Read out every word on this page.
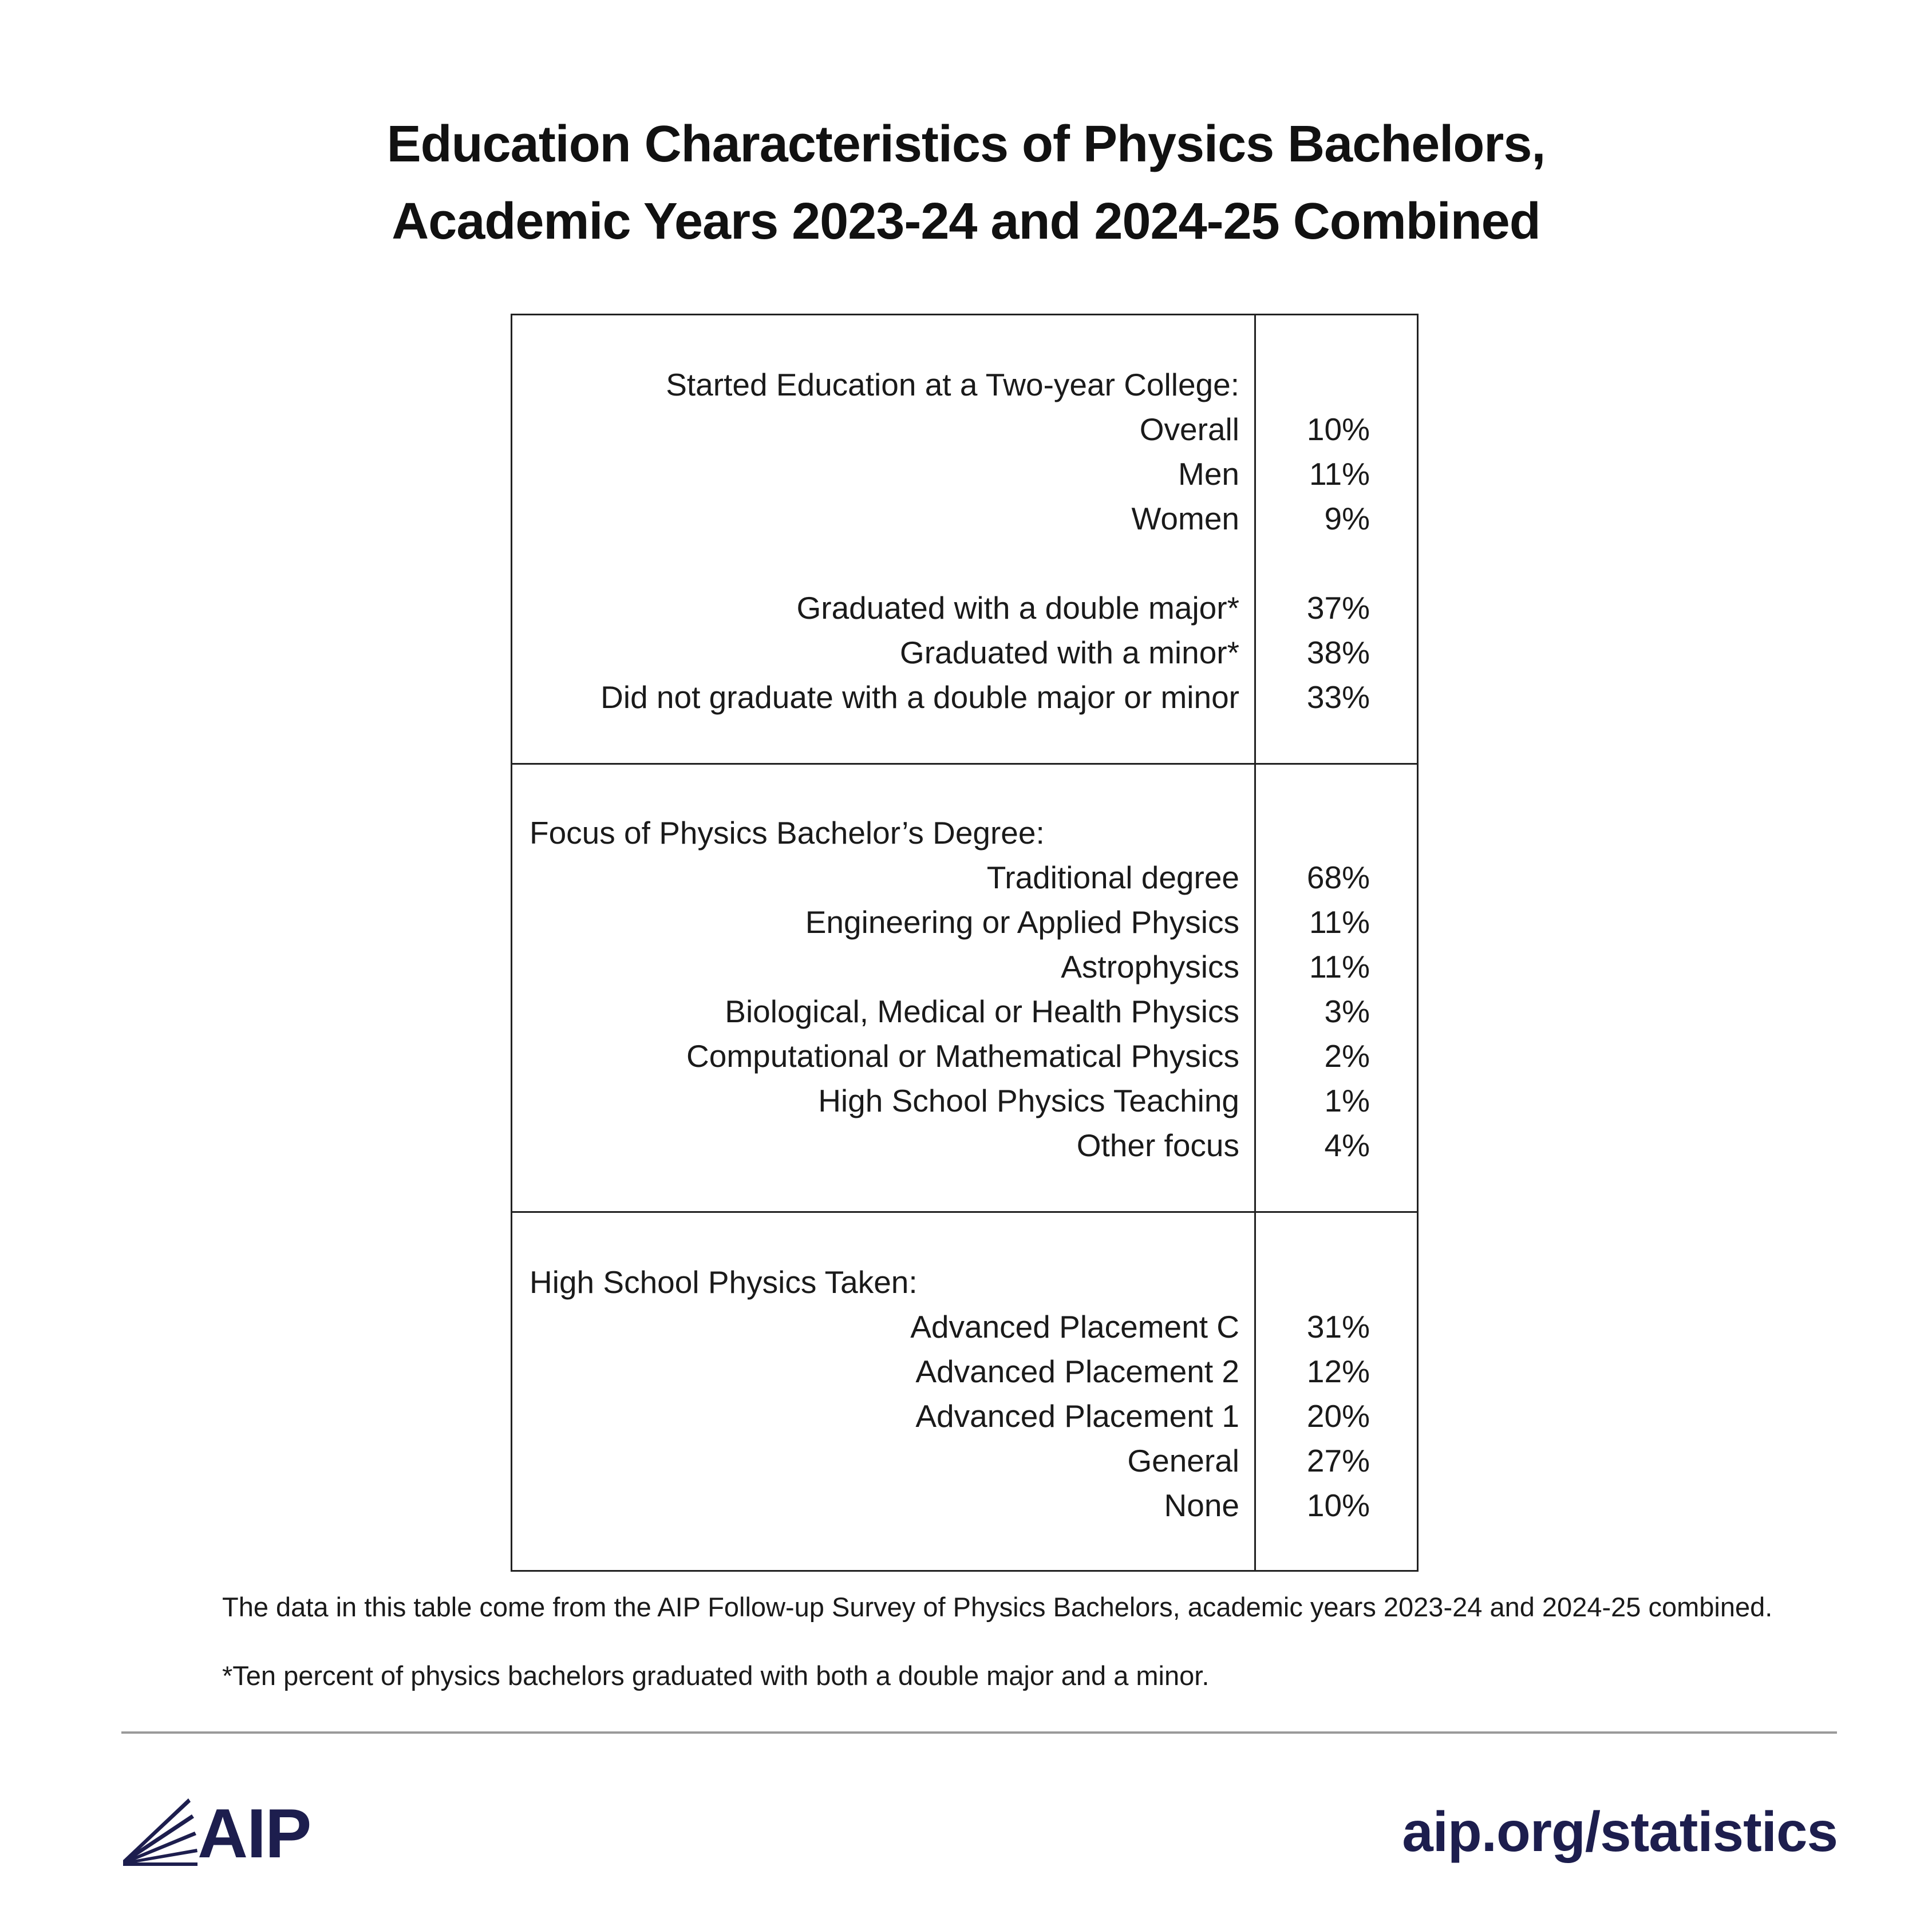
Education Characteristics of Physics Bachelors,
Academic Years 2023-24 and 2024-25 Combined
Started Education at a Two-year College:
Overall	10%
Men	11%
Women	9%
Graduated with a double major*	37%
Graduated with a minor*	38%
Did not graduate with a double major or minor	33%
Focus of Physics Bachelor’s Degree:
Traditional degree	68%
Engineering or Applied Physics	11%
Astrophysics	11%
Biological, Medical or Health Physics	3%
Computational or Mathematical Physics	2%
High School Physics Teaching	1%
Other focus	4%
High School Physics Taken:
Advanced Placement C	31%
Advanced Placement 2	12%
Advanced Placement 1	20%
General	27%
None	10%
The data in this table come from the AIP Follow-up Survey of Physics Bachelors, academic years 2023-24 and 2024-25 combined.
*Ten percent of physics bachelors graduated with both a double major and a minor.
AIP	aip.org/statistics
